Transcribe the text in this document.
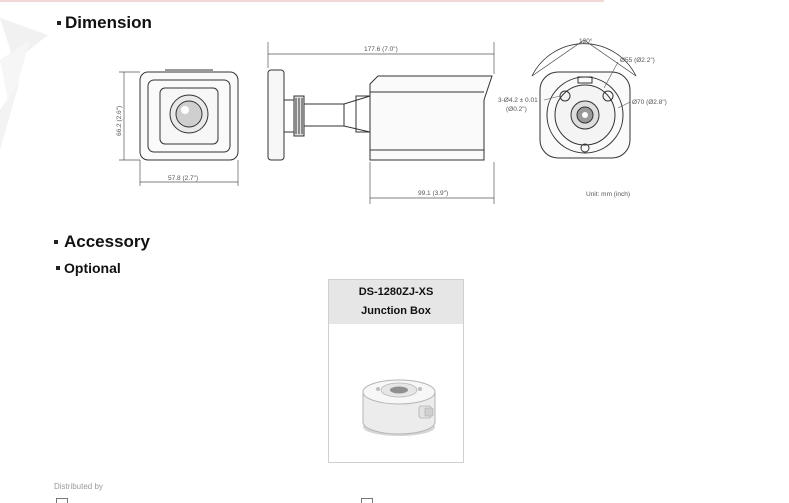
Dimension
66.2 (2.6")
57.8 (2.7")
177.6 (7.0")
99.1 (3.9")
120°
Ø55 (Ø2.2")
3-Ø4.2 ± 0.01
(Ø0.2")
Ø70 (Ø2.8")
Unit: mm (inch)
Accessory
Optional
DS-1280ZJ-XS
Junction Box
Distributed by
